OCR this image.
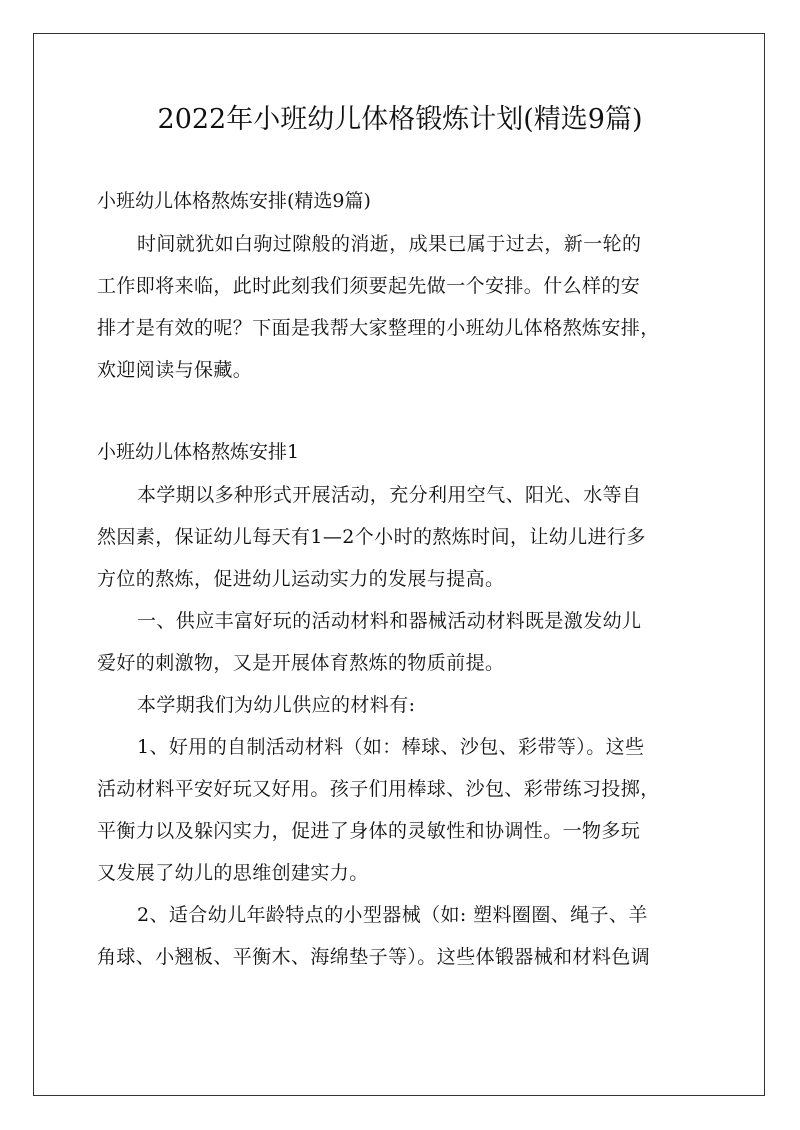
2022年小班幼儿体格锻炼计划(精选9篇)
小班幼儿体格熬炼安排(精选9篇)
时间就犹如白驹过隙般的消逝，成果已属于过去，新一轮的
工作即将来临，此时此刻我们须要起先做一个安排。什么样的安
排才是有效的呢？下面是我帮大家整理的小班幼儿体格熬炼安排，
欢迎阅读与保藏。
小班幼儿体格熬炼安排1
本学期以多种形式开展活动，充分利用空气、阳光、水等自
然因素，保证幼儿每天有1—2个小时的熬炼时间，让幼儿进行多
方位的熬炼，促进幼儿运动实力的发展与提高。
一、供应丰富好玩的活动材料和器械活动材料既是激发幼儿
爱好的刺激物，又是开展体育熬炼的物质前提。
本学期我们为幼儿供应的材料有:
1、好用的自制活动材料（如：棒球、沙包、彩带等）。这些
活动材料平安好玩又好用。孩子们用棒球、沙包、彩带练习投掷，
平衡力以及躲闪实力，促进了身体的灵敏性和协调性。一物多玩
又发展了幼儿的思维创建实力。
2、适合幼儿年龄特点的小型器械（如: 塑料圈圈、绳子、羊
角球、小翘板、平衡木、海绵垫子等）。这些体锻器械和材料色调
